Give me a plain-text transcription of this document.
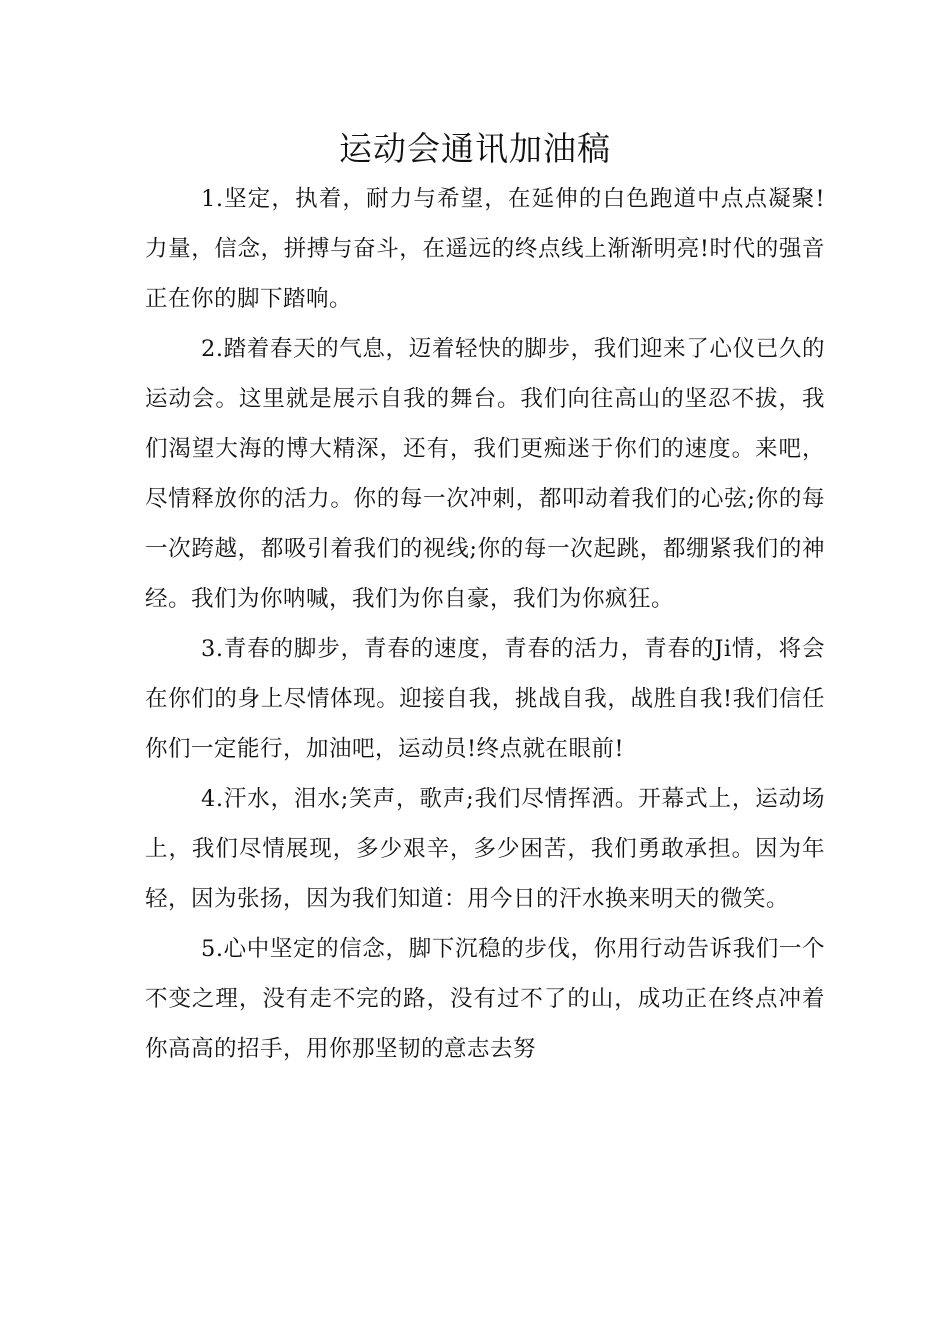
运动会通讯加油稿

1.坚定，执着，耐力与希望，在延伸的白色跑道中点点凝聚!力量，信念，拼搏与奋斗，在遥远的终点线上渐渐明亮!时代的强音正在你的脚下踏响。

2.踏着春天的气息，迈着轻快的脚步，我们迎来了心仪已久的运动会。这里就是展示自我的舞台。我们向往高山的坚忍不拔，我们渴望大海的博大精深，还有，我们更痴迷于你们的速度。来吧，尽情释放你的活力。你的每一次冲刺，都叩动着我们的心弦;你的每一次跨越，都吸引着我们的视线;你的每一次起跳，都绷紧我们的神经。我们为你呐喊，我们为你自豪，我们为你疯狂。

3.青春的脚步，青春的速度，青春的活力，青春的Ji情，将会在你们的身上尽情体现。迎接自我，挑战自我，战胜自我!我们信任你们一定能行，加油吧，运动员!终点就在眼前!

4.汗水，泪水;笑声，歌声;我们尽情挥洒。开幕式上，运动场上，我们尽情展现，多少艰辛，多少困苦，我们勇敢承担。因为年轻，因为张扬，因为我们知道：用今日的汗水换来明天的微笑。

5.心中坚定的信念，脚下沉稳的步伐，你用行动告诉我们一个不变之理，没有走不完的路，没有过不了的山，成功正在终点冲着你高高的招手，用你那坚韧的意志去努
